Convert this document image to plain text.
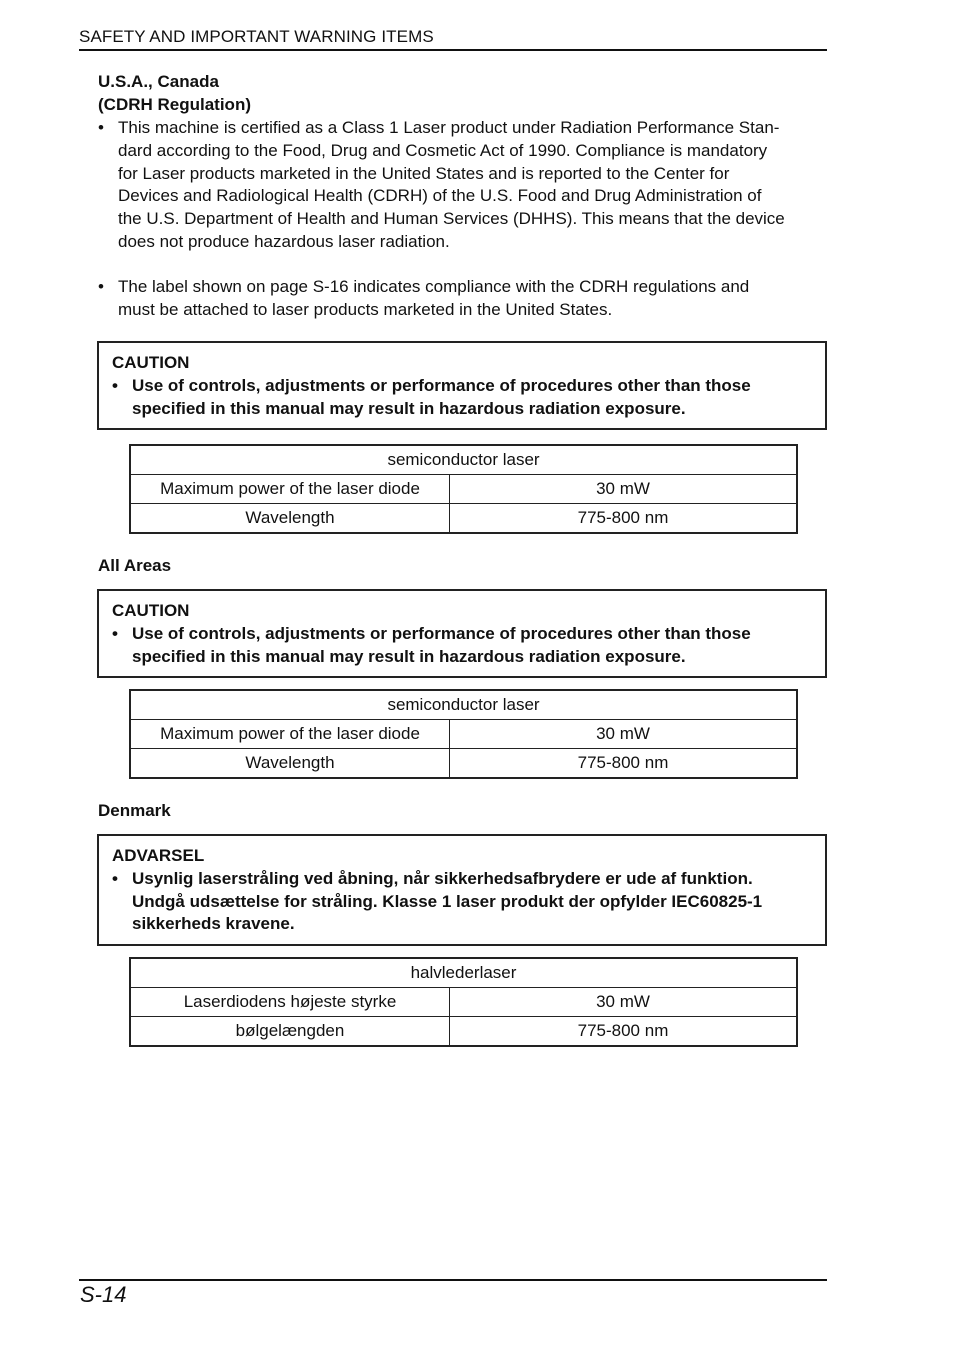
SAFETY AND IMPORTANT WARNING ITEMS
U.S.A., Canada
(CDRH Regulation)
• This machine is certified as a Class 1 Laser product under Radiation Performance Stan-
dard according to the Food, Drug and Cosmetic Act of 1990. Compliance is mandatory
for Laser products marketed in the United States and is reported to the Center for
Devices and Radiological Health (CDRH) of the U.S. Food and Drug Administration of
the U.S. Department of Health and Human Services (DHHS). This means that the device
does not produce hazardous laser radiation.
• The label shown on page S-16 indicates compliance with the CDRH regulations and
must be attached to laser products marketed in the United States.
CAUTION
• Use of controls, adjustments or performance of procedures other than those
specified in this manual may result in hazardous radiation exposure.
semiconductor laser	
Maximum power of the laser diode	30 mW
Wavelength	775-800 nm
All Areas
CAUTION
• Use of controls, adjustments or performance of procedures other than those
specified in this manual may result in hazardous radiation exposure.
semiconductor laser	
Maximum power of the laser diode	30 mW
Wavelength	775-800 nm
Denmark
ADVARSEL
• Usynlig laserstråling ved åbning, når sikkerhedsafbrydere er ude af funktion.
Undgå udsættelse for stråling. Klasse 1 laser produkt der opfylder IEC60825-1
sikkerheds kravene.
halvlederlaser	
Laserdiodens højeste styrke	30 mW
bølgelængden	775-800 nm
S-14
